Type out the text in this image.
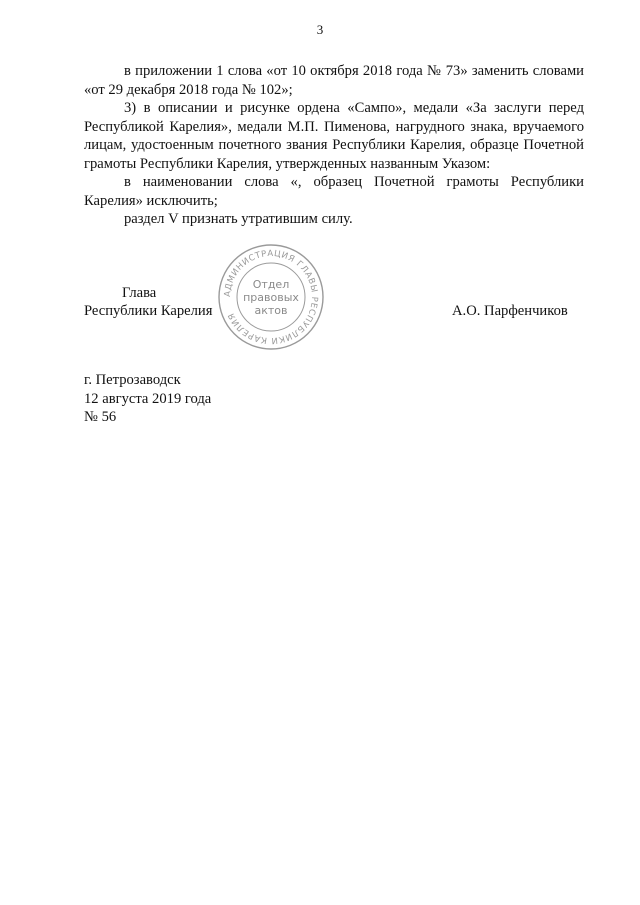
3

в приложении 1 слова «от 10 октября 2018 года № 73» заменить словами «от 29 декабря 2018 года № 102»;

3) в описании и рисунке ордена «Сампо», медали «За заслуги перед Республикой Карелия», медали М.П. Пименова, нагрудного знака, вручаемого лицам, удостоенным почетного звания Республики Карелия, образце Почетной грамоты Республики Карелия, утвержденных названным Указом:

в наименовании слова «, образец Почетной грамоты Республики Карелия» исключить;

раздел V признать утратившим силу.

Глава
Республики Карелия	А.О. Парфенчиков
АДМИНИСТРАЦИЯ ГЛАВЫ РЕСПУБЛИКИ КАРЕЛИЯ
Отдел
правовых
актов
г. Петрозаводск
12 августа 2019 года
№ 56
